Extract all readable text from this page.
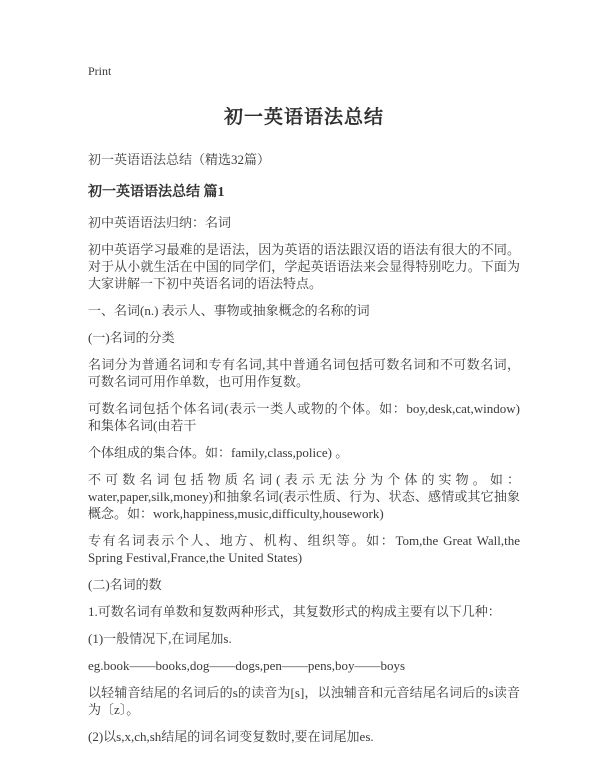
Print
初一英语语法总结

初一英语语法总结（精选32篇）

初一英语语法总结 篇1

初中英语语法归纳：名词

初中英语学习最难的是语法，因为英语的语法跟汉语的语法有很大的不同。对于从小就生活在中国的同学们，学起英语语法来会显得特别吃力。下面为大家讲解一下初中英语名词的语法特点。

一、名词(n.) 表示人、事物或抽象概念的名称的词

(一)名词的分类

名词分为普通名词和专有名词,其中普通名词包括可数名词和不可数名词，可数名词可用作单数，也可用作复数。

可数名词包括个体名词(表示一类人或物的个体。如：boy,desk,cat,window) 和集体名词(由若干

个体组成的集合体。如：family,class,police) 。

不可数名词包括物质名词(表示无法分为个体的实物。如：water,paper,silk,money)和抽象名词(表示性质、行为、状态、感情或其它抽象概念。如：work,happiness,music,difficulty,housework)

专有名词表示个人、地方、机构、组织等。如：Tom,the Great Wall,the Spring Festival,France,the United States)

(二)名词的数

1.可数名词有单数和复数两种形式，其复数形式的构成主要有以下几种：

(1)一般情况下,在词尾加s.

eg.book——books,dog——dogs,pen——pens,boy——boys

以轻辅音结尾的名词后的s的读音为[s]，以浊辅音和元音结尾名词后的s读音为〔z〕。

(2)以s,x,ch,sh结尾的词名词变复数时,要在词尾加es.
